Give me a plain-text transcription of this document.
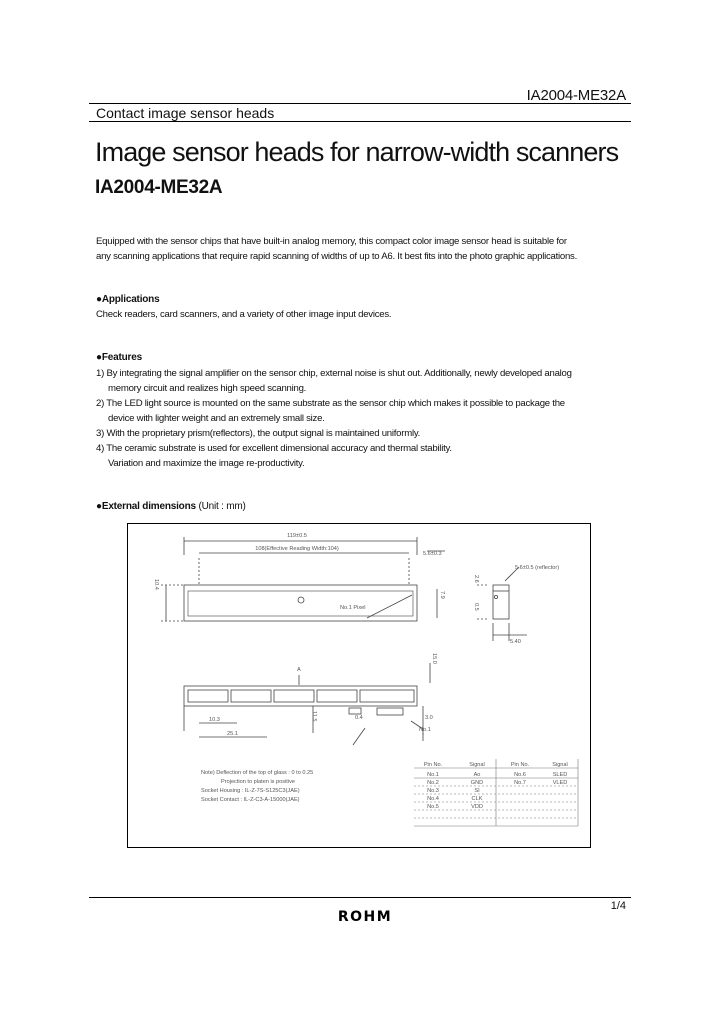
IA2004-ME32A
Contact image sensor heads
Image sensor heads for narrow-width scanners
IA2004-ME32A
Equipped with the sensor chips that have built-in analog memory, this compact color image sensor head is suitable for
any scanning applications that require rapid scanning of widths of up to A6. It best fits into the photo graphic applications.
●Applications
Check readers, card scanners, and a variety of other image input devices.
●Features
1) By integrating the signal amplifier on the sensor chip, external noise is shut out. Additionally, newly developed analog
memory circuit and realizes high speed scanning.
2) The LED light source is mounted on the same substrate as the sensor chip which makes it possible to package the
device with lighter weight and an extremely small size.
3) With the proprietary prism(reflectors), the output signal is maintained uniformly.
4) The ceramic substrate is used for excellent dimensional accuracy and thermal stability.
Variation and maximize the image re-productivity.
●External dimensions (Unit : mm)
119±0.5
108(Effective Reading Width:104)
5.6±0.3
10.4
7.9
No.1 Pixel
5.6±0.5 (reflector)
5.40
2.6
0.5
A
10.3
25.1
11.5	0.4	3.0
15.0
No.1
Note) Deflection of the top of glass : 0 to 0.25
Projection to platen is positive
Socket Housing : IL-Z-7S-S125C3(JAE)
Socket Contact : IL-Z-C3-A-15000(JAE)
Pin No.	Signal	Pin No.	Signal
No.1	Ao	No.6	SLED
No.2	GND	No.7	VLED
No.3	SI
No.4	CLK
No.5	VDD
1/4
ROHM
